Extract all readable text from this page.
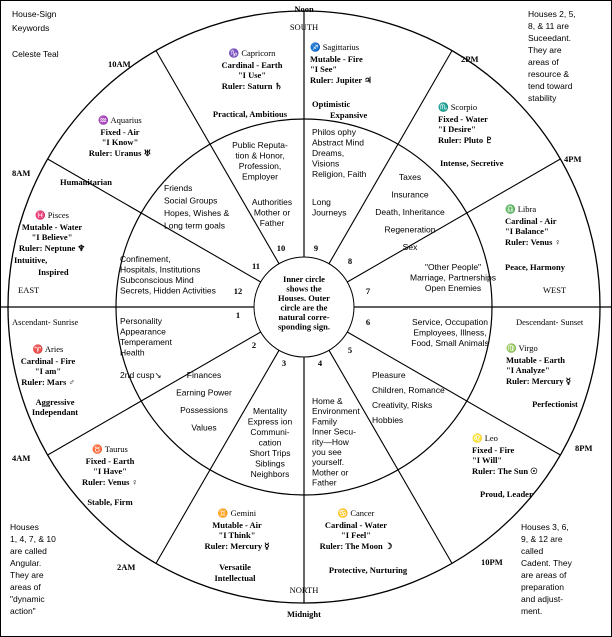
House-Sign
Keywords
Celeste Teal
Houses 2, 5,
8, & 11 are
Suceedant.
They are
areas of
resource &
tend toward
stability
Houses
1, 4, 7, & 10
are called
Angular.
They are
areas of
"dynamic
action"
Houses 3, 6,
9, & 12 are
called
Cadent. They
are areas of
preparation
and adjust-
ment.
Noon
Midnight
10AM	2PM
8AM
4PM
4AM
8PM
2AM	10PM
SOUTH
NORTH
EAST	WEST
Ascendant- Sunrise	Descendant- Sunset
Inner circle
shows the
Houses. Outer
circle are the
natural corre-
sponding sign.
1
2
3	4
5
6
7
8
9
10
11
12
♑ Capricorn
Cardinal - Earth
"I Use"
Ruler: Saturn ♄
♐ Sagittarius
Mutable - Fire
"I See"
Ruler: Jupiter ♃
♏ Scorpio
Fixed - Water
"I Desire"
Ruler: Pluto ♇
♎ Libra
Cardinal - Air
"I Balance"
Ruler: Venus ♀
♍ Virgo
Mutable - Earth
"I Analyze"
Ruler: Mercury ☿
♌ Leo
Fixed - Fire
"I Will"
Ruler: The Sun ☉
♋ Cancer
Cardinal - Water
"I Feel"
Ruler: The Moon ☽
♊ Gemini
Mutable - Air
"I Think"
Ruler: Mercury ☿
♉ Taurus
Fixed - Earth
"I Have"
Ruler: Venus ♀
♈ Aries
Cardinal - Fire
"I am"
Ruler: Mars ♂
♓ Pisces
Mutable - Water
"I Believe"
Ruler: Neptune ♆
♒ Aquarius
Fixed - Air
"I Know"
Ruler: Uranus ♅
Practical, Ambitious
Optimistic
Expansive
Intense, Secretive
Peace, Harmony
Perfectionist
Proud, Leader
Protective, Nurturing
Versatile
Intellectual
Stable, Firm
Aggressive
Independant
Intuitive,
Inspired
Humanitarian
Public Reputa-
tion & Honor,
Profession,
Employer
Philos ophy
Abstract Mind
Dreams,
Visions
Religion, Faith
Long
Journeys
Authorities
Mother or
Father
Taxes
Insurance
Death, Inheritance
Regeneration
Sex
Friends
Social Groups
Hopes, Wishes &
Long term goals
Confinement,
Hospitals, Institutions
Subconscious Mind
Secrets, Hidden Activities
"Other People"
Marriage, Partnerships
Open Enemies
Personality
Appearance
Temperament
Health
Service, Occupation
Employees, Illness,
Food, Small Animals
Finances
Earning Power
Possessions
Values
Pleasure
Children, Romance
Creativity, Risks
Hobbies
Mentality
Express ion
Communi-
cation
Short Trips
Siblings
Neighbors
Home &
Environment
Family
Inner Secu-
rity—How
you see
yourself.
Mother or
Father
2nd cusp↘
